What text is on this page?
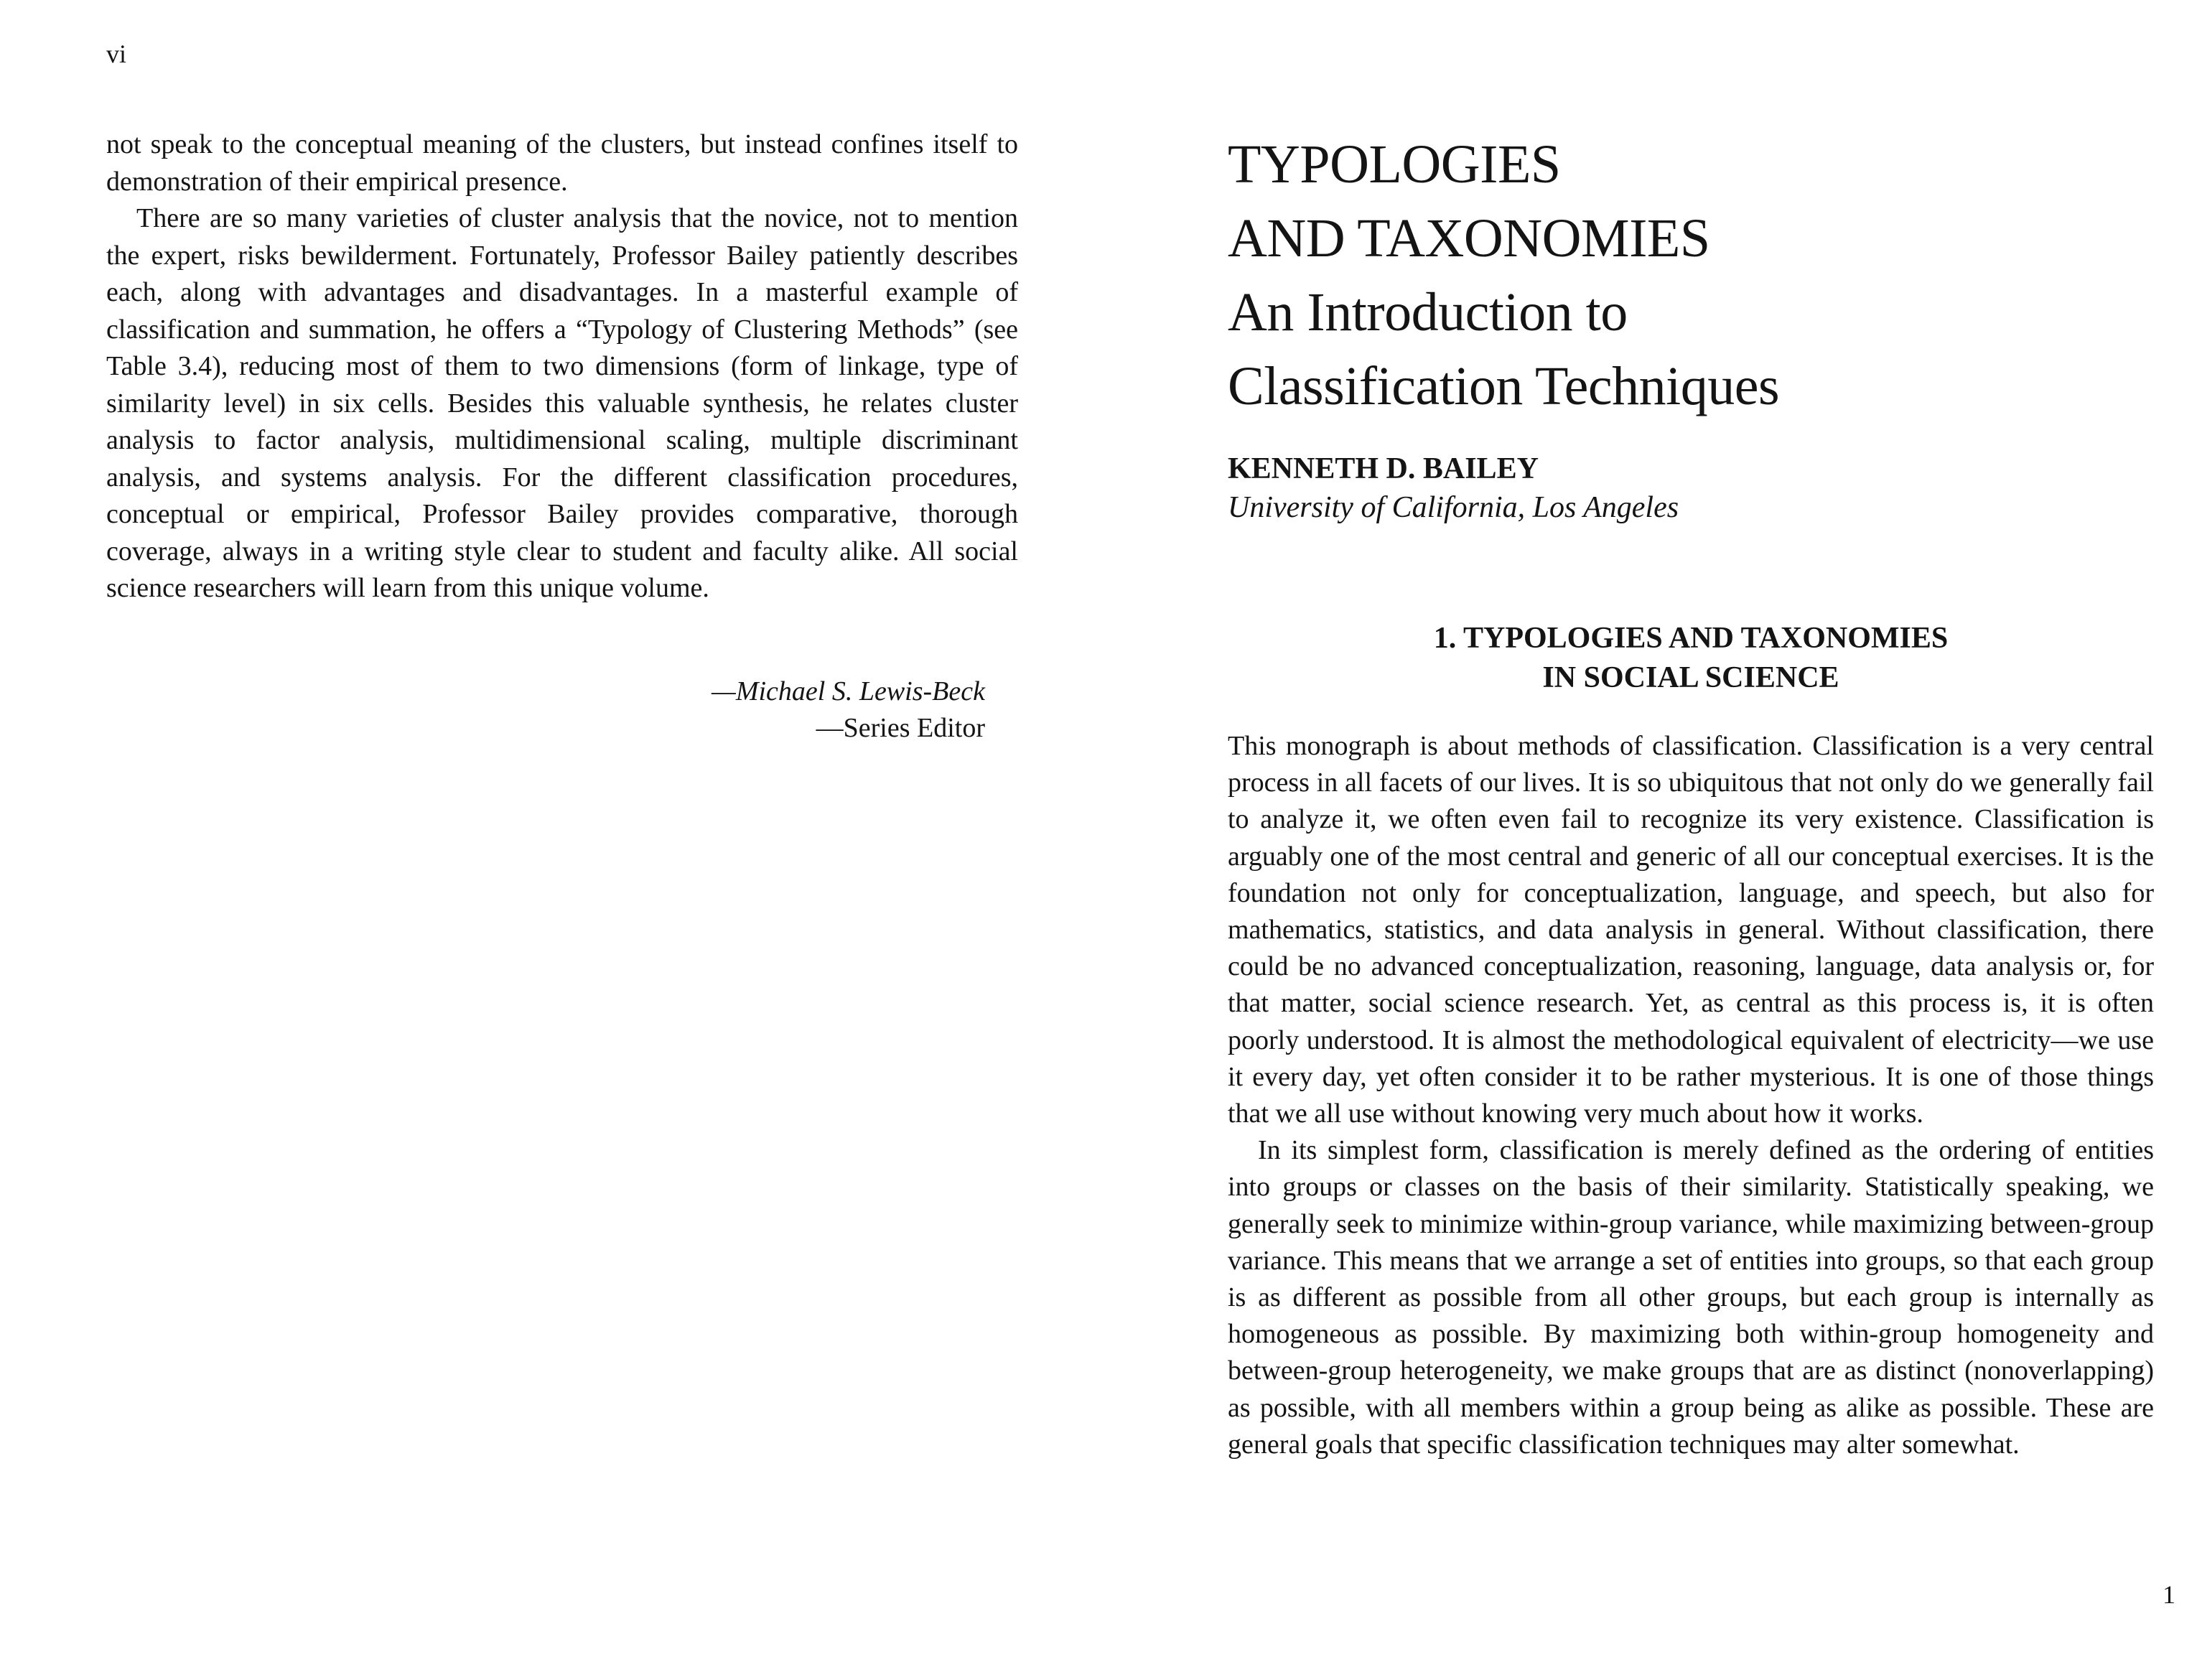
vi

not speak to the conceptual meaning of the clusters, but instead confines itself to demonstration of their empirical presence.

There are so many varieties of cluster analysis that the novice, not to mention the expert, risks bewilderment. Fortunately, Professor Bailey patiently describes each, along with advantages and disadvantages. In a masterful example of classification and summation, he offers a “Typology of Clustering Methods” (see Table 3.4), reducing most of them to two dimensions (form of linkage, type of similarity level) in six cells. Besides this valuable synthesis, he relates cluster analysis to factor analysis, multidimensional scaling, multiple discriminant analysis, and systems analysis. For the different classification procedures, conceptual or empirical, Professor Bailey provides comparative, thorough coverage, always in a writing style clear to student and faculty alike. All social science researchers will learn from this unique volume.

—Michael S. Lewis-Beck
—Series Editor
TYPOLOGIES
AND TAXONOMIES
An Introduction to
Classification Techniques
KENNETH D. BAILEY
University of California, Los Angeles
1. TYPOLOGIES AND TAXONOMIES
IN SOCIAL SCIENCE

This monograph is about methods of classification. Classification is a very central process in all facets of our lives. It is so ubiquitous that not only do we generally fail to analyze it, we often even fail to recognize its very existence. Classification is arguably one of the most central and generic of all our conceptual exercises. It is the foundation not only for conceptualization, language, and speech, but also for mathematics, statistics, and data analysis in general. Without classification, there could be no advanced conceptualization, reasoning, language, data analysis or, for that matter, social science research. Yet, as central as this process is, it is often poorly understood. It is almost the methodological equivalent of electricity—we use it every day, yet often consider it to be rather mysterious. It is one of those things that we all use without knowing very much about how it works.

In its simplest form, classification is merely defined as the ordering of entities into groups or classes on the basis of their similarity. Statistically speaking, we generally seek to minimize within-group variance, while maximizing between-group variance. This means that we arrange a set of entities into groups, so that each group is as different as possible from all other groups, but each group is internally as homogeneous as possible. By maximizing both within-group homogeneity and between-group heterogeneity, we make groups that are as distinct (nonoverlapping) as possible, with all members within a group being as alike as possible. These are general goals that specific classification techniques may alter somewhat.

1
